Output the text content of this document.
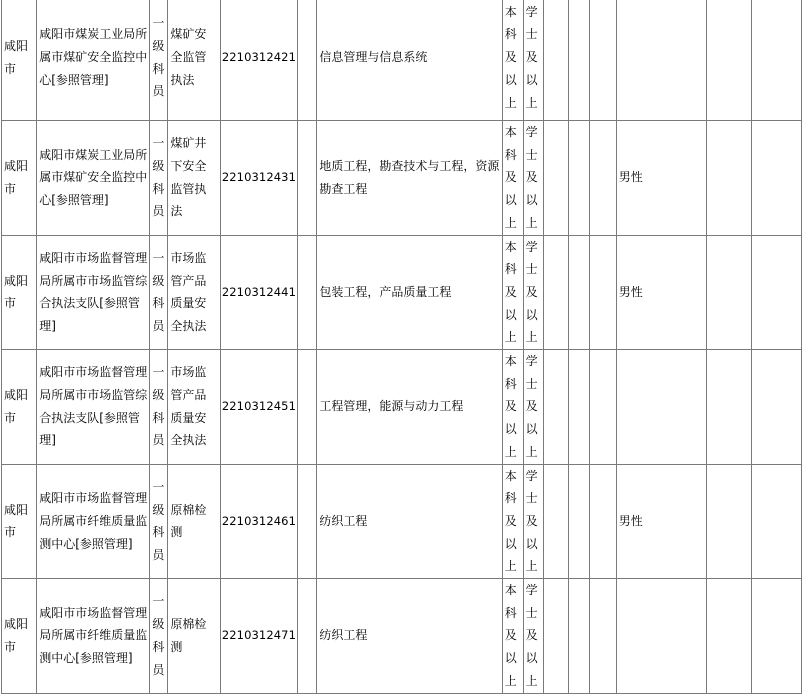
咸阳市	咸阳市煤炭工业局所属市煤矿安全监控中心[参照管理]	一级科员	煤矿安全监管执法	2210312421		信息管理与信息系统	本科及以上	学士及以上						
咸阳市	咸阳市煤炭工业局所属市煤矿安全监控中心[参照管理]	一级科员	煤矿井下安全监管执法	2210312431		地质工程，勘查技术与工程，资源勘查工程	本科及以上	学士及以上				男性		
咸阳市	咸阳市市场监督管理局所属市市场监管综合执法支队[参照管理]	一级科员	市场监管产品质量安全执法	2210312441		包装工程，产品质量工程	本科及以上	学士及以上				男性		
咸阳市	咸阳市市场监督管理局所属市市场监管综合执法支队[参照管理]	一级科员	市场监管产品质量安全执法	2210312451		工程管理，能源与动力工程	本科及以上	学士及以上						
咸阳市	咸阳市市场监督管理局所属市纤维质量监测中心[参照管理]	一级科员	原棉检测	2210312461		纺织工程	本科及以上	学士及以上				男性		
咸阳市	咸阳市市场监督管理局所属市纤维质量监测中心[参照管理]	一级科员	原棉检测	2210312471		纺织工程	本科及以上	学士及以上						
